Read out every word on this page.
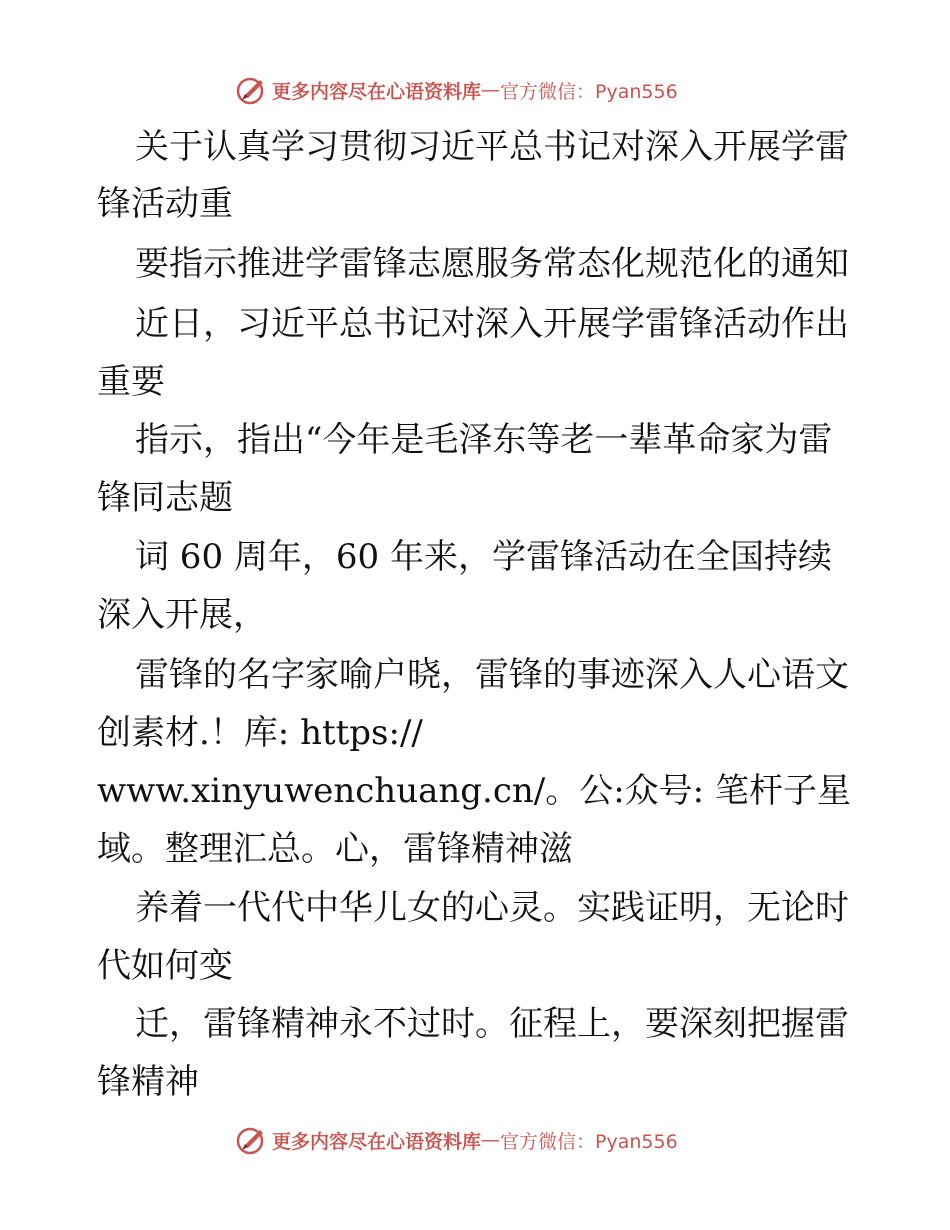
更多内容尽在心语资料库 — 官方微信：Pyan556
关于认真学习贯彻习近平总书记对深入开展学雷
锋活动重
要指示推进学雷锋志愿服务常态化规范化的通知
近日，习近平总书记对深入开展学雷锋活动作出
重要
指示，指出“今年是毛泽东等老一辈革命家为雷
锋同志题
词 60 周年，60 年来，学雷锋活动在全国持续
深入开展，
雷锋的名字家喻户晓，雷锋的事迹深入人心语文
创素材.！库: https://
www.xinyuwenchuang.cn/。公:众号: 笔杆子星
域。整理汇总。心，雷锋精神滋
养着一代代中华儿女的心灵。实践证明，无论时
代如何变
迁，雷锋精神永不过时。征程上，要深刻把握雷
锋精神
更多内容尽在心语资料库 — 官方微信：Pyan556
